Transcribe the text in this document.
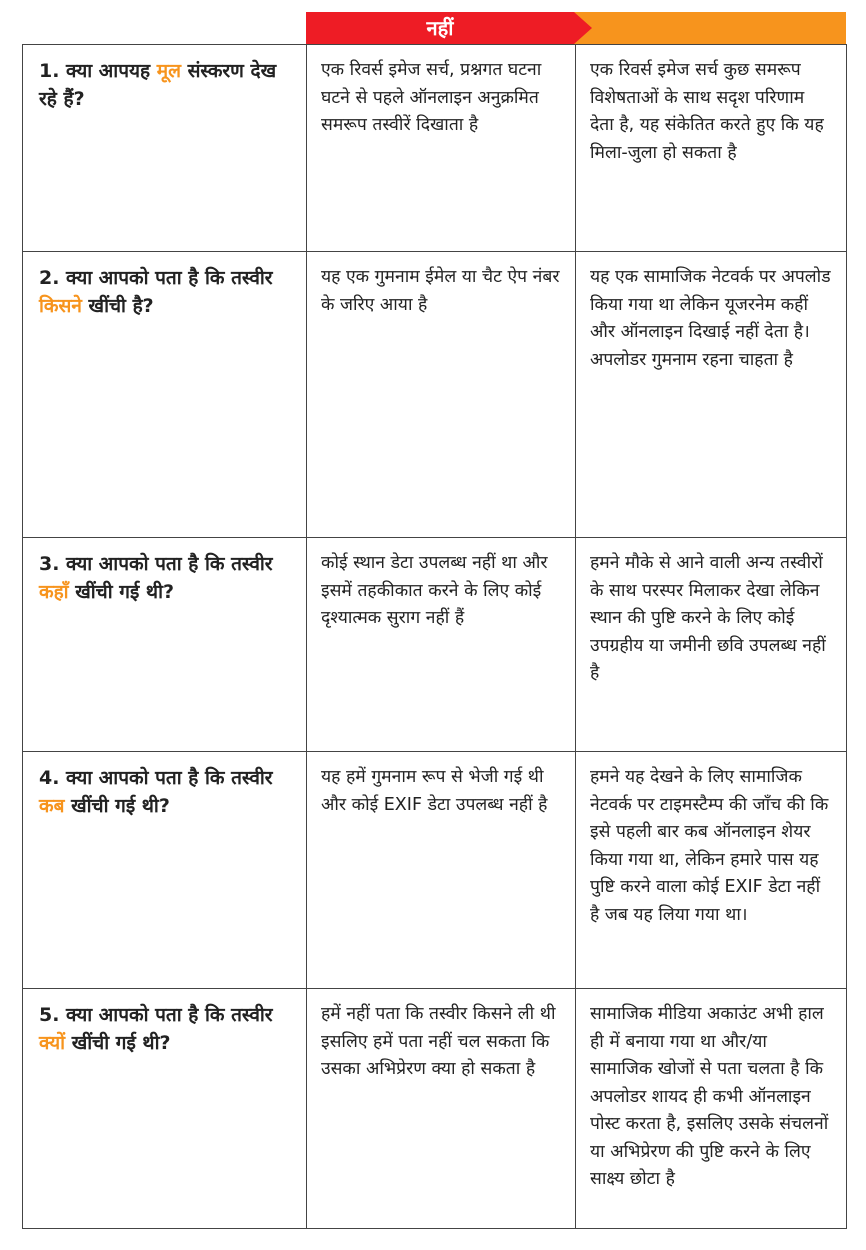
नहीं
1. क्या आपयह मूल संस्करण देख रहे हैं?	एक रिवर्स इमेज सर्च, प्रश्नगत घटना घटने से पहले ऑनलाइन अनुक्रमित समरूप तस्वीरें दिखाता है	एक रिवर्स इमेज सर्च कुछ समरूप विशेषताओं के साथ सदृश परिणाम देता है, यह संकेतित करते हुए कि यह मिला-जुला हो सकता है
2. क्या आपको पता है कि तस्वीर किसने खींची है?	यह एक गुमनाम ईमेल या चैट ऐप नंबर के जरिए आया है	यह एक सामाजिक नेटवर्क पर अपलोड किया गया था लेकिन यूजरनेम कहीं और ऑनलाइन दिखाई नहीं देता है। अपलोडर गुमनाम रहना चाहता है
3. क्या आपको पता है कि तस्वीर कहाँ खींची गई थी?	कोई स्थान डेटा उपलब्ध नहीं था और इसमें तहकीकात करने के लिए कोई दृश्यात्मक सुराग नहीं हैं	हमने मौके से आने वाली अन्य तस्वीरों के साथ परस्पर मिलाकर देखा लेकिन स्थान की पुष्टि करने के लिए कोई उपग्रहीय या जमीनी छवि उपलब्ध नहीं है
4. क्या आपको पता है कि तस्वीर कब खींची गई थी?	यह हमें गुमनाम रूप से भेजी गई थी और कोई EXIF डेटा उपलब्ध नहीं है	हमने यह देखने के लिए सामाजिक नेटवर्क पर टाइमस्टैम्प की जाँच की कि इसे पहली बार कब ऑनलाइन शेयर किया गया था, लेकिन हमारे पास यह पुष्टि करने वाला कोई EXIF डेटा नहीं है जब यह लिया गया था।
5. क्या आपको पता है कि तस्वीर क्यों खींची गई थी?	हमें नहीं पता कि तस्वीर किसने ली थी इसलिए हमें पता नहीं चल सकता कि उसका अभिप्रेरण क्या हो सकता है	सामाजिक मीडिया अकाउंट अभी हाल ही में बनाया गया था और/या सामाजिक खोजों से पता चलता है कि अपलोडर शायद ही कभी ऑनलाइन पोस्ट करता है, इसलिए उसके संचलनों या अभिप्रेरण की पुष्टि करने के लिए साक्ष्य छोटा है
